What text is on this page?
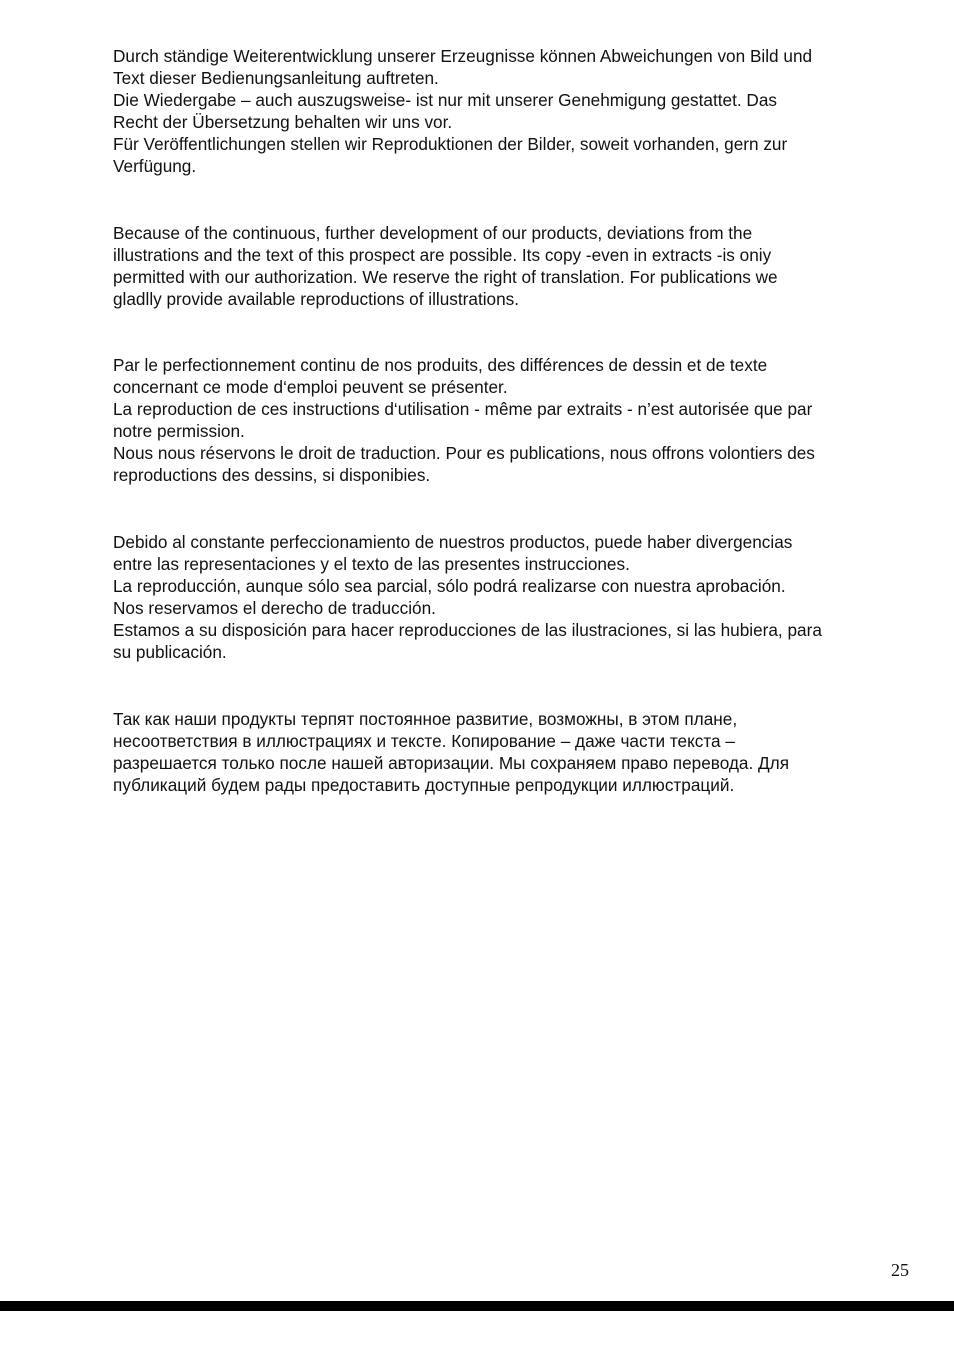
Durch ständige Weiterentwicklung unserer Erzeugnisse können Abweichungen von Bild und
Text dieser Bedienungsanleitung auftreten.
Die Wiedergabe – auch auszugsweise- ist nur mit unserer Genehmigung gestattet. Das
Recht der Übersetzung behalten wir uns vor.
Für Veröffentlichungen stellen wir Reproduktionen der Bilder, soweit vorhanden, gern zur
Verfügung.
Because of the continuous, further development of our products, deviations from the
illustrations and the text of this prospect are possible. Its copy -even in extracts -is oniy
permitted with our authorization. We reserve the right of translation. For publications we
gladlly provide available reproductions of illustrations.
Par le perfectionnement continu de nos produits, des différences de dessin et de texte
concernant ce mode d‘emploi peuvent se présenter.
La reproduction de ces instructions d‘utilisation - même par extraits - n’est autorisée que par
notre permission.
Nous nous réservons le droit de traduction. Pour es publications, nous offrons volontiers des
reproductions des dessins, si disponibies.
Debido al constante perfeccionamiento de nuestros productos, puede haber divergencias
entre las representaciones y el texto de las presentes instrucciones.
La reproducción, aunque sólo sea parcial, sólo podrá realizarse con nuestra aprobación.
Nos reservamos el derecho de traducción.
Estamos a su disposición para hacer reproducciones de las ilustraciones, si las hubiera, para
su publicación.
Так как наши продукты терпят постоянное развитие, возможны, в этом плане,
несоответствия в иллюстрациях и тексте. Копирование – даже части текста –
разрешается только после нашей авторизации. Мы сохраняем право перевода. Для
публикаций будем рады предоставить доступные репродукции иллюстраций.
25
